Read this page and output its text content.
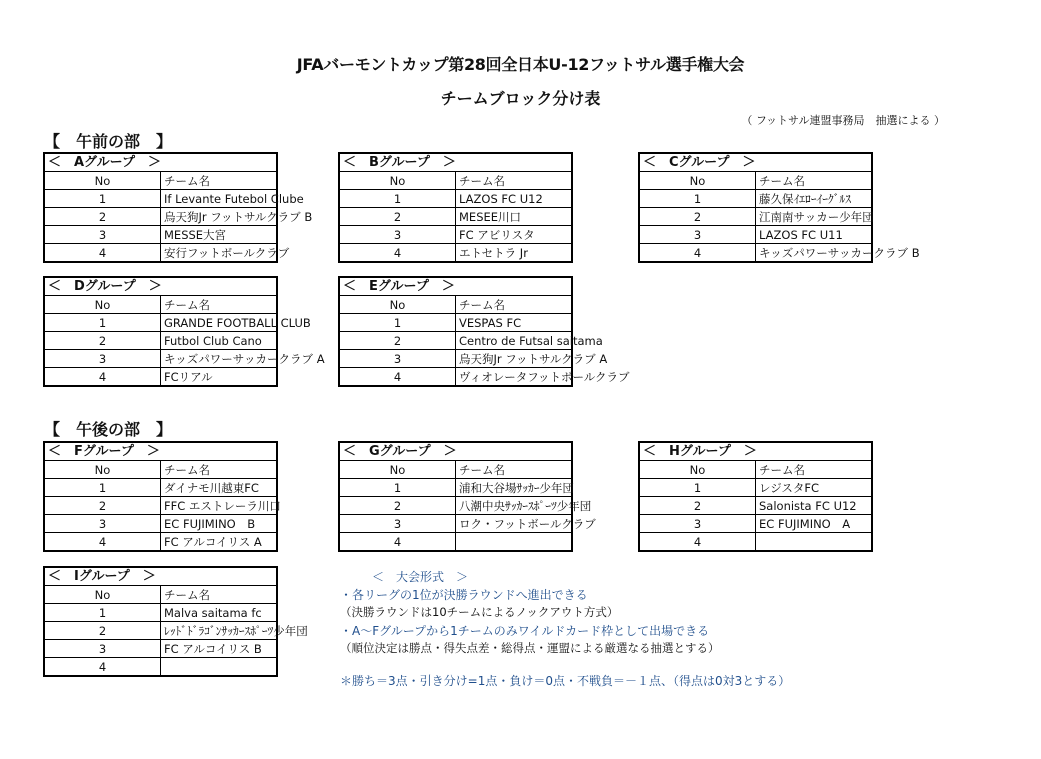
JFAバーモントカップ第28回全日本U-12フットサル選手権大会
チームブロック分け表
（ フットサル連盟事務局　抽選による ）
【　午前の部　】
【　午後の部　】
＜　Aグループ　＞	
No	チーム名
1	If Levante Futebol Clube
2	烏天狗Jr フットサルクラブ B
3	MESSE大宮
4	安行フットボールクラブ
＜　Bグループ　＞	
No	チーム名
1	LAZOS FC U12
2	MESEE川口
3	FC アビリスタ
4	エトセトラ Jr
＜　Cグループ　＞	
No	チーム名
1	藤久保ｲｴﾛｰｲｰｸﾞﾙｽ
2	江南南サッカー少年団
3	LAZOS FC U11
4	キッズパワーサッカークラブ B
＜　Dグループ　＞	
No	チーム名
1	GRANDE FOOTBALL CLUB
2	Futbol Club Cano
3	キッズパワーサッカークラブ A
4	FCリアル
＜　Eグループ　＞	
No	チーム名
1	VESPAS FC
2	Centro de Futsal saitama
3	烏天狗Jr フットサルクラブ A
4	ヴィオレータフットボールクラブ
＜　Fグループ　＞	
No	チーム名
1	ダイナモ川越東FC
2	FFC エストレーラ川口
3	EC FUJIMINO　B
4	FC アルコイリス A
＜　Gグループ　＞	
No	チーム名
1	浦和大谷場ｻｯｶｰ少年団
2	八潮中央ｻｯｶｰｽﾎﾟｰﾂ少年団
3	ロク・フットボールクラブ
4	
＜　Hグループ　＞	
No	チーム名
1	レジスタFC
2	Salonista FC U12
3	EC FUJIMINO　A
4	
＜　Iグループ　＞	
No	チーム名
1	Malva saitama fc
2	ﾚｯﾄﾞﾄﾞﾗｺﾞﾝｻｯｶｰｽﾎﾟｰﾂ少年団
3	FC アルコイリス B
4	
＜　大会形式　＞
・各リーグの1位が決勝ラウンドへ進出できる
（決勝ラウンドは10チームによるノックアウト方式）
・A～Fグループから1チームのみワイルドカード枠として出場できる
（順位決定は勝点・得失点差・総得点・運盟による厳選なる抽選とする）
＊勝ち＝3点・引き分け=1点・負け＝0点・不戦負＝－１点、（得点は0対3とする）
